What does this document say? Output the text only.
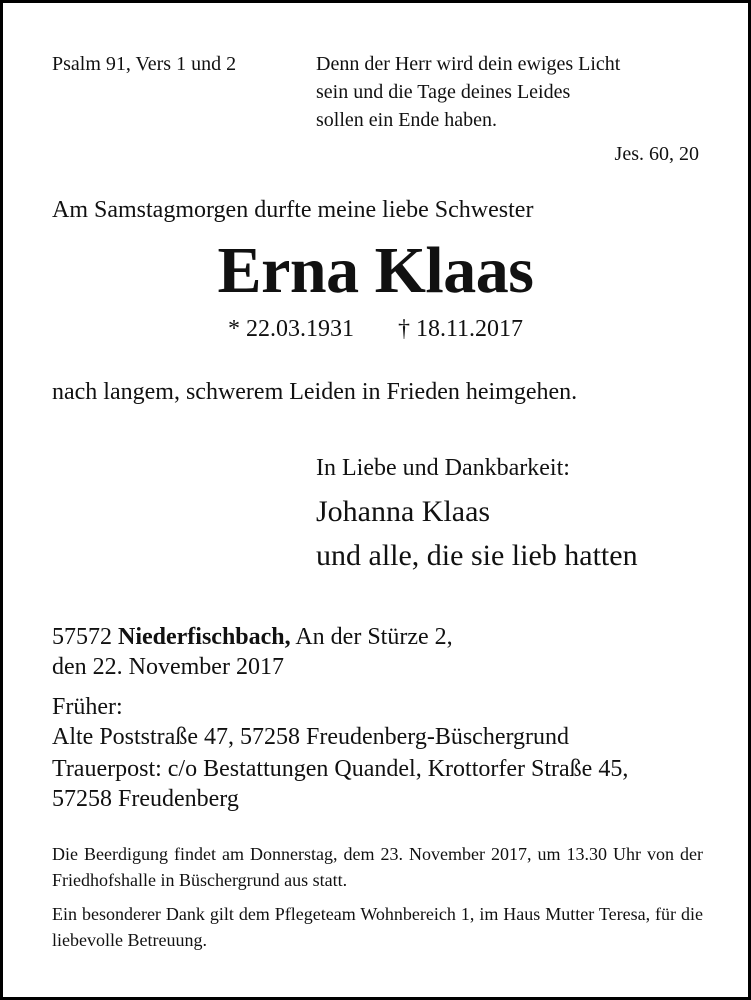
Psalm 91, Vers 1 und 2	Denn der Herr wird dein ewiges Licht
sein und die Tage deines Leides
sollen ein Ende haben.

Jes. 60, 20

Am Samstagmorgen durfte meine liebe Schwester

Erna Klaas

* 22.03.1931 † 18.11.2017

nach langem, schwerem Leiden in Frieden heimgehen.

In Liebe und Dankbarkeit:

Johanna Klaas

und alle, die sie lieb hatten

57572 Niederfischbach, An der Stürze 2,

den 22. November 2017

Früher:

Alte Poststraße 47, 57258 Freudenberg-Büschergrund

Trauerpost: c/o Bestattungen Quandel, Krottorfer Straße 45,

57258 Freudenberg

Die Beerdigung findet am Donnerstag, dem 23. November 2017, um 13.30 Uhr von der Friedhofshalle in Büschergrund aus statt.

Ein besonderer Dank gilt dem Pflegeteam Wohnbereich 1, im Haus Mutter Teresa, für die liebevolle Betreuung.
